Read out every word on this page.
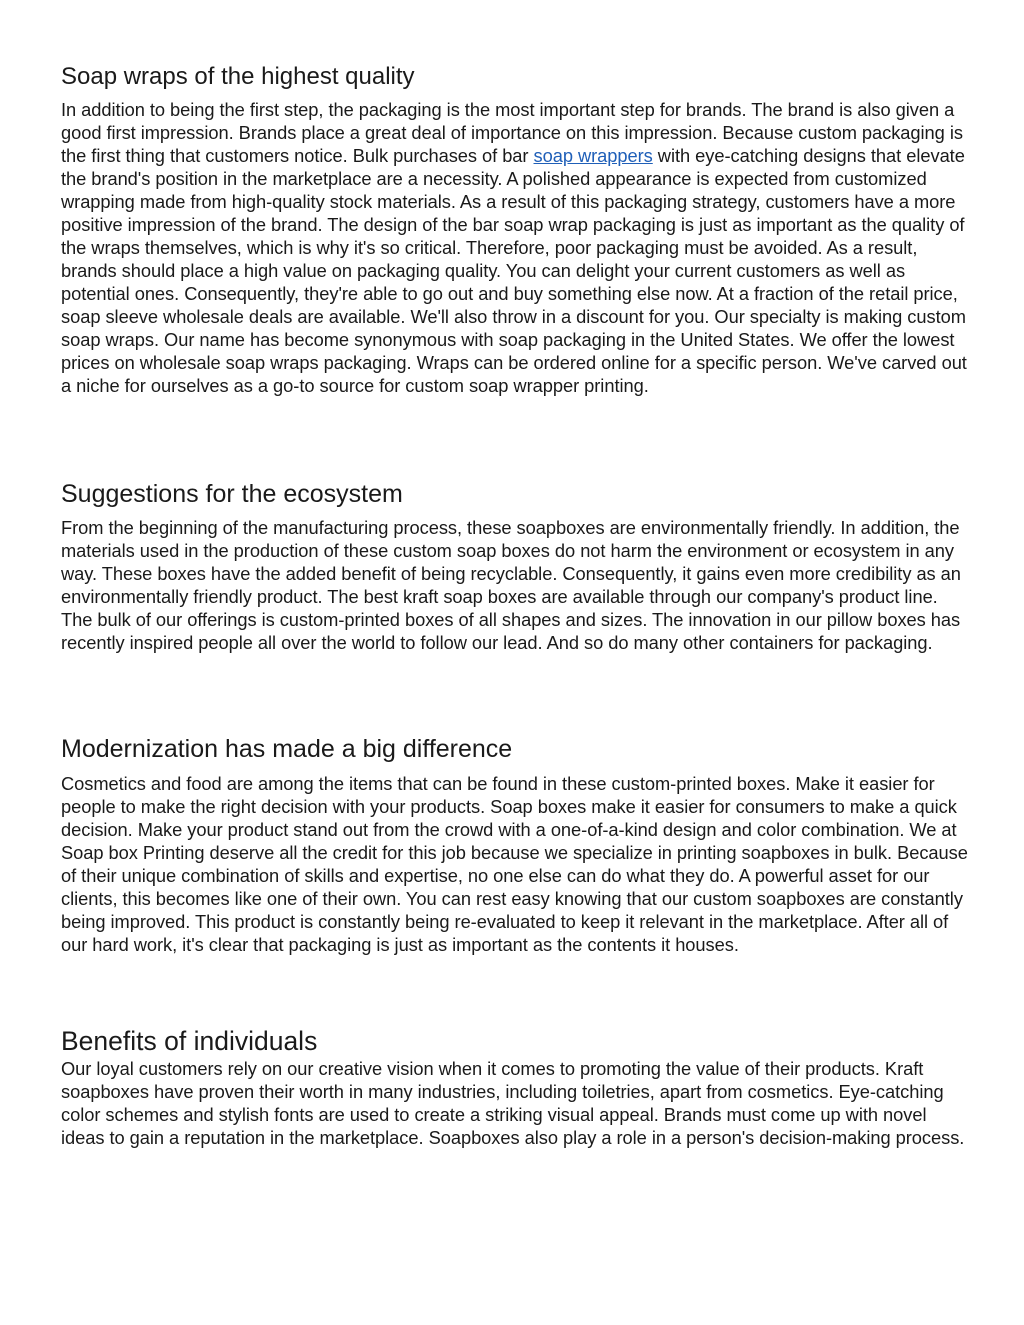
Soap wraps of the highest quality

In addition to being the first step, the packaging is the most important step for brands. The brand is also given a good first impression. Brands place a great deal of importance on this impression. Because custom packaging is the first thing that customers notice. Bulk purchases of bar soap wrappers with eye-catching designs that elevate the brand's position in the marketplace are a necessity. A polished appearance is expected from customized wrapping made from high-quality stock materials. As a result of this packaging strategy, customers have a more positive impression of the brand. The design of the bar soap wrap packaging is just as important as the quality of the wraps themselves, which is why it's so critical. Therefore, poor packaging must be avoided. As a result, brands should place a high value on packaging quality. You can delight your current customers as well as potential ones. Consequently, they're able to go out and buy something else now. At a fraction of the retail price, soap sleeve wholesale deals are available. We'll also throw in a discount for you. Our specialty is making custom soap wraps. Our name has become synonymous with soap packaging in the United States. We offer the lowest prices on wholesale soap wraps packaging. Wraps can be ordered online for a specific person. We've carved out a niche for ourselves as a go-to source for custom soap wrapper printing.

Suggestions for the ecosystem

From the beginning of the manufacturing process, these soapboxes are environmentally friendly. In addition, the materials used in the production of these custom soap boxes do not harm the environment or ecosystem in any way. These boxes have the added benefit of being recyclable. Consequently, it gains even more credibility as an environmentally friendly product. The best kraft soap boxes are available through our company's product line. The bulk of our offerings is custom-printed boxes of all shapes and sizes. The innovation in our pillow boxes has recently inspired people all over the world to follow our lead. And so do many other containers for packaging.

Modernization has made a big difference

Cosmetics and food are among the items that can be found in these custom-printed boxes. Make it easier for people to make the right decision with your products. Soap boxes make it easier for consumers to make a quick decision. Make your product stand out from the crowd with a one-of-a-kind design and color combination. We at Soap box Printing deserve all the credit for this job because we specialize in printing soapboxes in bulk. Because of their unique combination of skills and expertise, no one else can do what they do. A powerful asset for our clients, this becomes like one of their own. You can rest easy knowing that our custom soapboxes are constantly being improved. This product is constantly being re-evaluated to keep it relevant in the marketplace. After all of our hard work, it's clear that packaging is just as important as the contents it houses.

Benefits of individuals

Our loyal customers rely on our creative vision when it comes to promoting the value of their products. Kraft soapboxes have proven their worth in many industries, including toiletries, apart from cosmetics. Eye-catching color schemes and stylish fonts are used to create a striking visual appeal. Brands must come up with novel ideas to gain a reputation in the marketplace. Soapboxes also play a role in a person's decision-making process.
